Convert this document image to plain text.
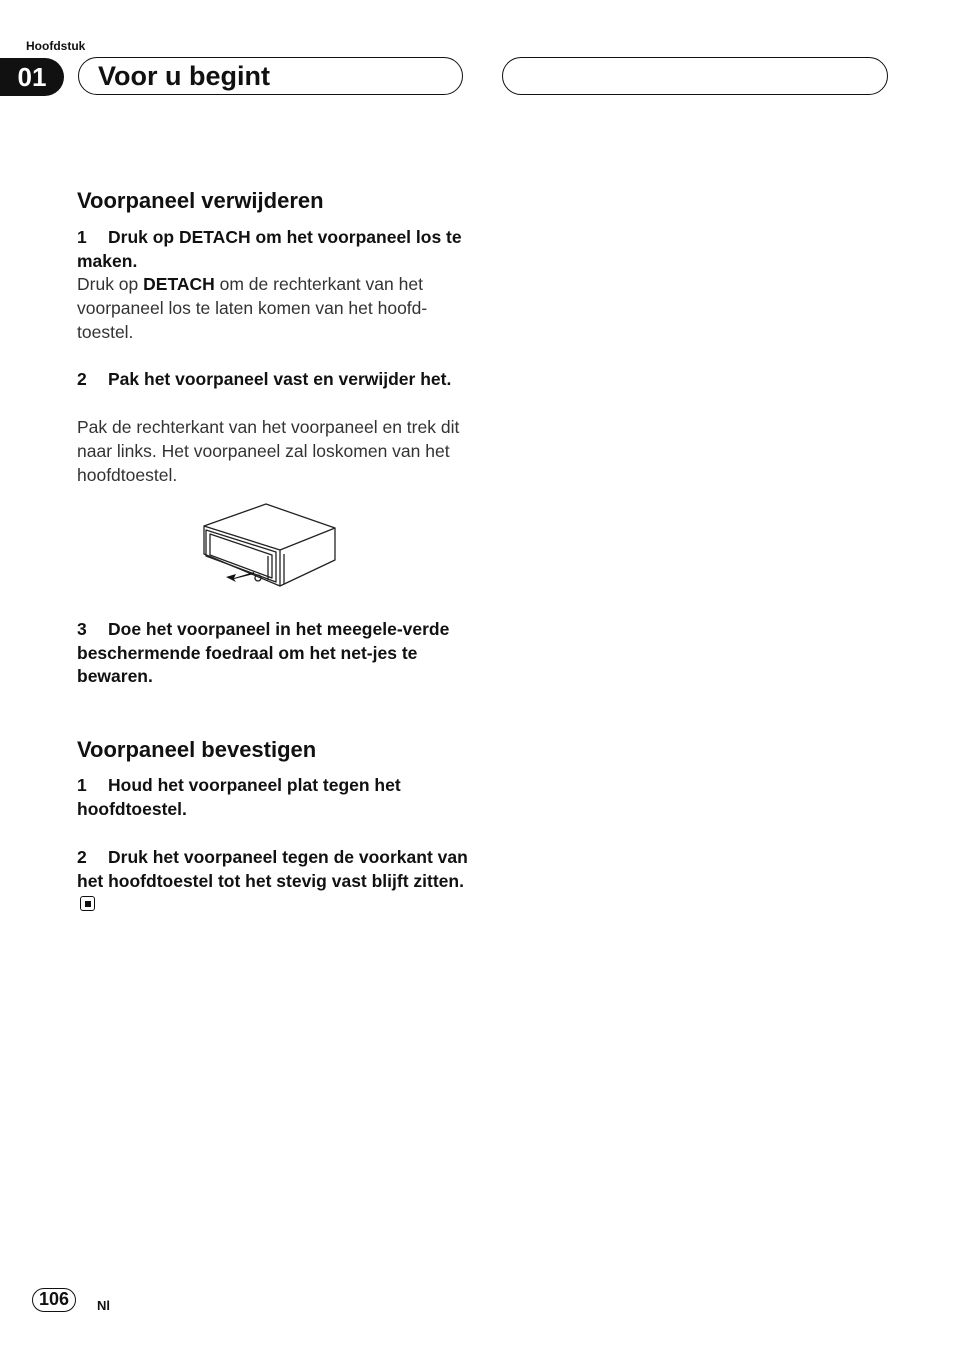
Hoofdstuk
01	Voor u begint
Voorpaneel verwijderen

1 Druk op DETACH om het voorpaneel los te maken.

Druk op DETACH om de rechterkant van het voorpaneel los te laten komen van het hoofd-toestel.

2 Pak het voorpaneel vast en verwijder het.

Pak de rechterkant van het voorpaneel en trek dit naar links. Het voorpaneel zal loskomen van het hoofdtoestel.

3 Doe het voorpaneel in het meegele-verde beschermende foedraal om het net-jes te bewaren.

Voorpaneel bevestigen

1 Houd het voorpaneel plat tegen het hoofdtoestel.

2 Druk het voorpaneel tegen de voorkant van het hoofdtoestel tot het stevig vast blijft zitten.

106	Nl
